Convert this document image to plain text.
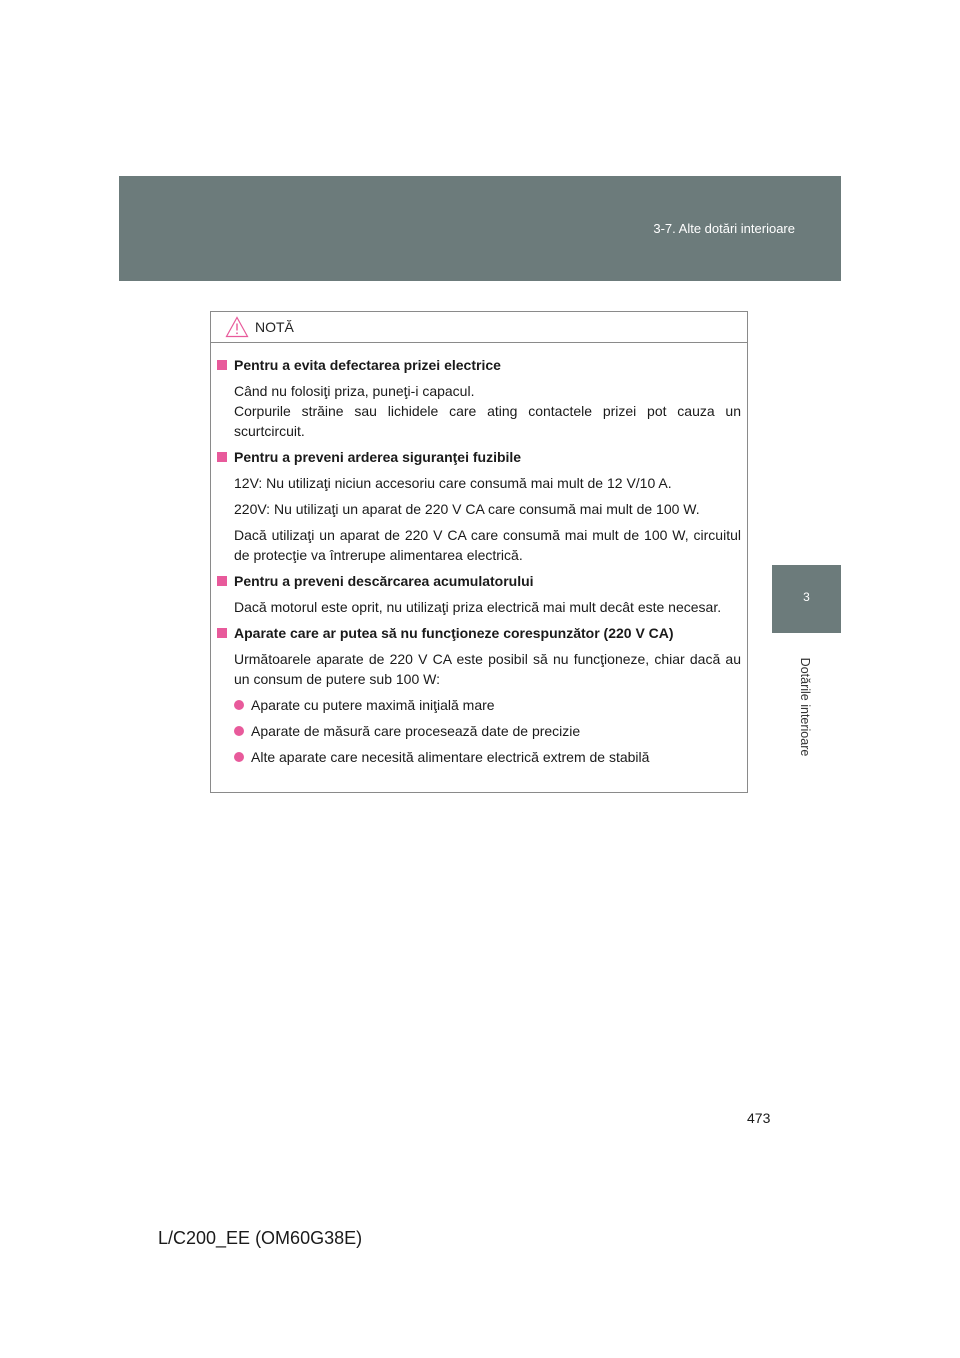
3-7. Alte dotări interioare
3
Dotările interioare
NOTĂ
Pentru a evita defectarea prizei electrice
Când nu folosiţi priza, puneţi-i capacul.
Corpurile străine sau lichidele care ating contactele prizei pot cauza un scurtcircuit.
Pentru a preveni arderea siguranţei fuzibile
12V: Nu utilizaţi niciun accesoriu care consumă mai mult de 12 V/10 A.
220V: Nu utilizaţi un aparat de 220 V CA care consumă mai mult de 100 W.
Dacă utilizaţi un aparat de 220 V CA care consumă mai mult de 100 W, circuitul de protecţie va întrerupe alimentarea electrică.
Pentru a preveni descărcarea acumulatorului
Dacă motorul este oprit, nu utilizaţi priza electrică mai mult decât este necesar.
Aparate care ar putea să nu funcţioneze corespunzător (220 V CA)
Următoarele aparate de 220 V CA este posibil să nu funcţioneze, chiar dacă au un consum de putere sub 100 W:
Aparate cu putere maximă iniţială mare
Aparate de măsură care procesează date de precizie
Alte aparate care necesită alimentare electrică extrem de stabilă
473
L/C200_EE (OM60G38E)
